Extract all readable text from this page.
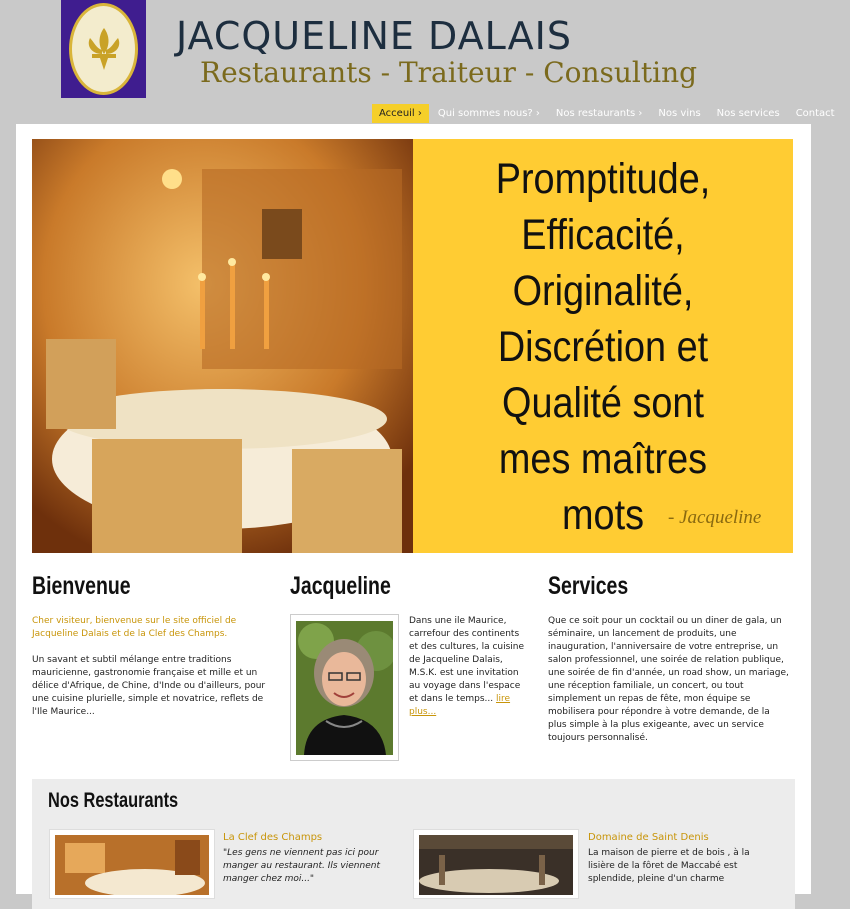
JACQUELINE DALAIS
Restaurants - Traiteur - Consulting
Acceuil ›	Qui sommes nous? ›	Nos restaurants ›	Nos vins	Nos services	Contact
Promptitude,
Efficacité,
Originalité,
Discrétion et
Qualité sont
mes maîtres
mots	- Jacqueline
Bienvenue
Cher visiteur, bienvenue sur le site officiel de Jacqueline Dalais et de la Clef des Champs.
Un savant et subtil mélange entre traditions mauricienne, gastronomie française et mille et un délice d'Afrique, de Chine, d'Inde ou d'ailleurs, pour une cuisine plurielle, simple et novatrice, reflets de l'Ile Maurice...
Jacqueline
Dans une ile Maurice, carrefour des continents et des cultures, la cuisine de Jacqueline Dalais, M.S.K. est une invitation au voyage dans l'espace et dans le temps... lire plus...
Services
Que ce soit pour un cocktail ou un diner de gala, un séminaire, un lancement de produits, une inauguration, l'anniversaire de votre entreprise, un salon professionnel, une soirée de relation publique, une soirée de fin d'année, un road show, un mariage, une réception familiale, un concert, ou tout simplement un repas de fête, mon équipe se mobilisera pour répondre à votre demande, de la plus simple à la plus exigeante, avec un service toujours personnalisé.
Nos Restaurants
La Clef des Champs
"Les gens ne viennent pas ici pour manger au restaurant. Ils viennent manger chez moi..."
Domaine de Saint Denis
La maison de pierre et de bois , à la lisière de la fôret de Maccabé est splendide, pleine d'un charme
